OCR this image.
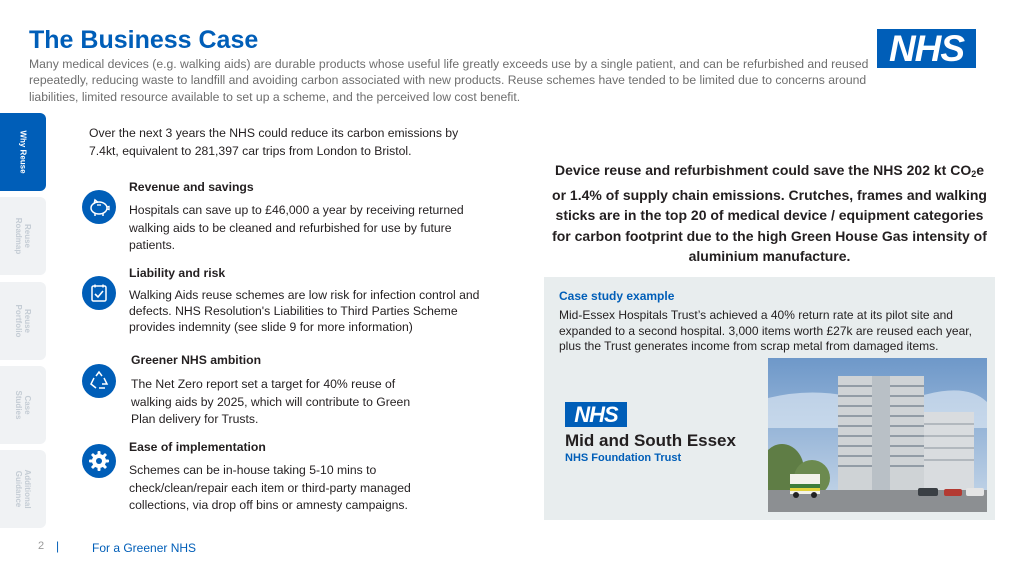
The Business Case
Many medical devices (e.g. walking aids) are durable products whose useful life greatly exceeds use by a single patient, and can be refurbished and reused repeatedly, reducing waste to landfill and avoiding carbon associated with new products. Reuse schemes have tended to be limited due to concerns around liabilities, limited resource available to set up a scheme, and the perceived low cost benefit.
NHS
Why Reuse
Reuse
Roadmap
Reuse
Portfolio
Case
Studies
Additional
Guidance
Over the next 3 years the NHS could reduce its carbon emissions by 7.4kt, equivalent to 281,397 car trips from London to Bristol.
Revenue and savings
Hospitals can save up to £46,000 a year by receiving returned walking aids to be cleaned and refurbished for use by future patients.
Liability and risk
Walking Aids reuse schemes are low risk for infection control and defects. NHS Resolution's Liabilities to Third Parties Scheme provides indemnity (see slide 9 for more information)
Greener NHS ambition
The Net Zero report set a target for 40% reuse of walking aids by 2025, which will contribute to Green Plan delivery for Trusts.
Ease of implementation
Schemes can be in-house taking 5-10 mins to check/clean/repair each item or third-party managed collections, via drop off bins or amnesty campaigns.
Device reuse and refurbishment could save the NHS 202 kt $CO_2e$ or 1.4% of supply chain emissions. Crutches, frames and walking sticks are in the top 20 of medical device / equipment categories for carbon footprint due to the high Green House Gas intensity of aluminium manufacture.
Case study example
Mid-Essex Hospitals Trust’s achieved a 40% return rate at its pilot site and expanded to a second hospital. 3,000 items worth £27k are reused each year, plus the Trust generates income from scrap metal from damaged items.
NHS
Mid and South Essex
NHS Foundation Trust
2 |	For a Greener NHS
